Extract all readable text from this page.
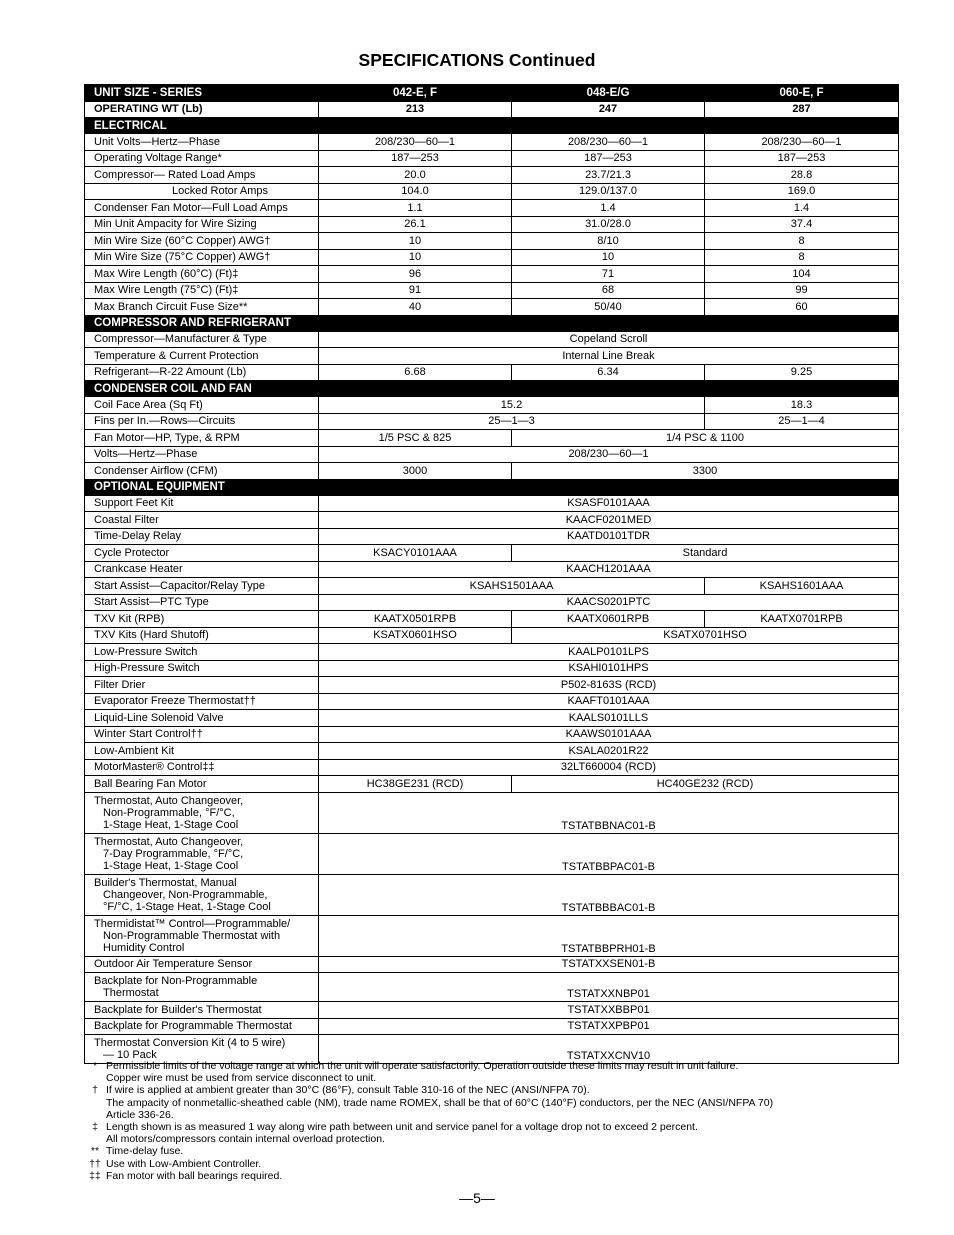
SPECIFICATIONS Continued
UNIT SIZE - SERIES	042-E, F	048-E/G	060-E, F
OPERATING WT (Lb)	213	247	287
ELECTRICAL			
Unit Volts—Hertz—Phase	208/230—60—1	208/230—60—1	208/230—60—1
Operating Voltage Range*	187—253	187—253	187—253
Compressor— Rated Load Amps	20.0	23.7/21.3	28.8
Locked Rotor Amps	104.0	129.0/137.0	169.0
Condenser Fan Motor—Full Load Amps	1.1	1.4	1.4
Min Unit Ampacity for Wire Sizing	26.1	31.0/28.0	37.4
Min Wire Size (60°C Copper) AWG†	10	8/10	8
Min Wire Size (75°C Copper) AWG†	10	10	8
Max Wire Length (60°C) (Ft)‡	96	71	104
Max Wire Length (75°C) (Ft)‡	91	68	99
Max Branch Circuit Fuse Size**	40	50/40	60
COMPRESSOR AND REFRIGERANT			
Compressor—Manufacturer & Type	Copeland Scroll		
Temperature & Current Protection	Internal Line Break		
Refrigerant—R-22 Amount (Lb)	6.68	6.34	9.25
CONDENSER COIL AND FAN			
Coil Face Area (Sq Ft)	15.2		18.3
Fins per In.—Rows—Circuits	25—1—3		25—1—4
Fan Motor—HP, Type, & RPM	1/5 PSC & 825	1/4 PSC & 1100	
Volts—Hertz—Phase	208/230—60—1		
Condenser Airflow (CFM)	3000	3300	
OPTIONAL EQUIPMENT			
Support Feet Kit	KSASF0101AAA		
Coastal Filter	KAACF0201MED		
Time-Delay Relay	KAATD0101TDR		
Cycle Protector	KSACY0101AAA	Standard	
Crankcase Heater	KAACH1201AAA		
Start Assist—Capacitor/Relay Type	KSAHS1501AAA		KSAHS1601AAA
Start Assist—PTC Type	KAACS0201PTC		
TXV Kit (RPB)	KAATX0501RPB	KAATX0601RPB	KAATX0701RPB
TXV Kits (Hard Shutoff)	KSATX0601HSO	KSATX0701HSO	
Low-Pressure Switch	KAALP0101LPS		
High-Pressure Switch	KSAHI0101HPS		
Filter Drier	P502-8163S (RCD)		
Evaporator Freeze Thermostat††	KAAFT0101AAA		
Liquid-Line Solenoid Valve	KAALS0101LLS		
Winter Start Control††	KAAWS0101AAA		
Low-Ambient Kit	KSALA0201R22		
MotorMaster® Control‡‡	32LT660004 (RCD)		
Ball Bearing Fan Motor	HC38GE231 (RCD)	HC40GE232 (RCD)	
Thermostat, Auto Changeover,
Non-Programmable, °F/°C,
1-Stage Heat, 1-Stage Cool	TSTATBBNAC01-B		
Thermostat, Auto Changeover,
7-Day Programmable, °F/°C,
1-Stage Heat, 1-Stage Cool	TSTATBBPAC01-B		
Builder's Thermostat, Manual
Changeover, Non-Programmable,
°F/°C, 1-Stage Heat, 1-Stage Cool	TSTATBBBAC01-B		
Thermidistat™ Control—Programmable/
Non-Programmable Thermostat with
Humidity Control	TSTATBBPRH01-B		
Outdoor Air Temperature Sensor	TSTATXXSEN01-B		
Backplate for Non-Programmable
Thermostat	TSTATXXNBP01		
Backplate for Builder's Thermostat	TSTATXXBBP01		
Backplate for Programmable Thermostat	TSTATXXPBP01		
Thermostat Conversion Kit (4 to 5 wire)
— 10 Pack	TSTATXXCNV10		
* Permissible limits of the voltage range at which the unit will operate satisfactorily. Operation outside these limits may result in unit failure.
Copper wire must be used from service disconnect to unit.
† If wire is applied at ambient greater than 30°C (86°F), consult Table 310-16 of the NEC (ANSI/NFPA 70).
The ampacity of nonmetallic-sheathed cable (NM), trade name ROMEX, shall be that of 60°C (140°F) conductors, per the NEC (ANSI/NFPA 70)
Article 336-26.
‡ Length shown is as measured 1 way along wire path between unit and service panel for a voltage drop not to exceed 2 percent.
All motors/compressors contain internal overload protection.
** Time-delay fuse.
†† Use with Low-Ambient Controller.
‡‡ Fan motor with ball bearings required.
—5—
